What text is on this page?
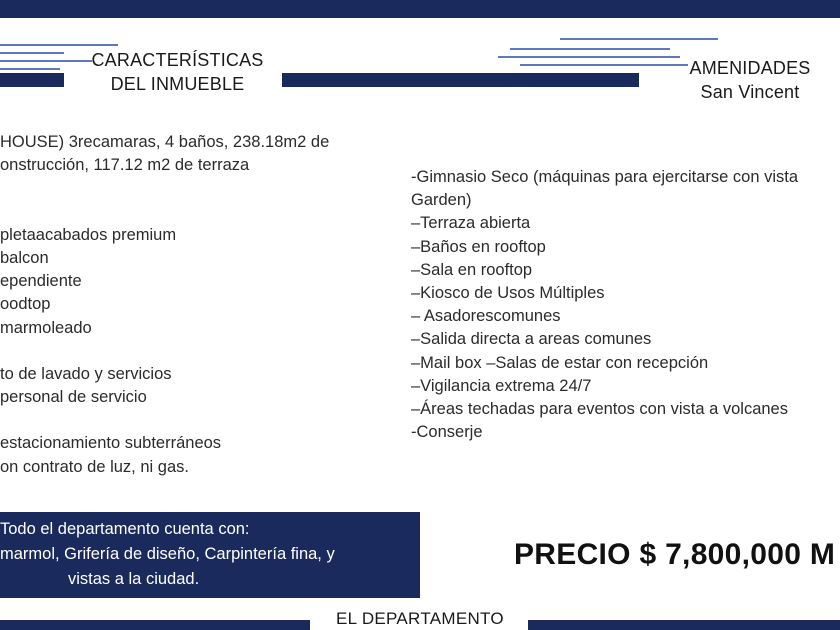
CARACTERÍSTICAS
DEL INMUEBLE
AMENIDADES
San Vincent
HOUSE) 3recamaras, 4 baños, 238.18m2 de
onstrucción, 117.12 m2 de terraza
pletaacabados premium
balcon
ependiente
oodtop
marmoleado
to de lavado y servicios
personal de servicio
estacionamiento subterráneos
on contrato de luz, ni gas.
-Gimnasio Seco (máquinas para ejercitarse con vista
Garden)
–Terraza abierta
–Baños en rooftop
–Sala en rooftop
–Kiosco de Usos Múltiples
– Asadorescomunes
–Salida directa a areas comunes
–Mail box –Salas de estar con recepción
–Vigilancia extrema 24/7
–Áreas techadas para eventos con vista a volcanes
-Conserje
Todo el departamento cuenta con:
marmol, Grifería de diseño, Carpintería fina, y
vistas a la ciudad.
PRECIO $ 7,800,000 M
EL DEPARTAMENTO
